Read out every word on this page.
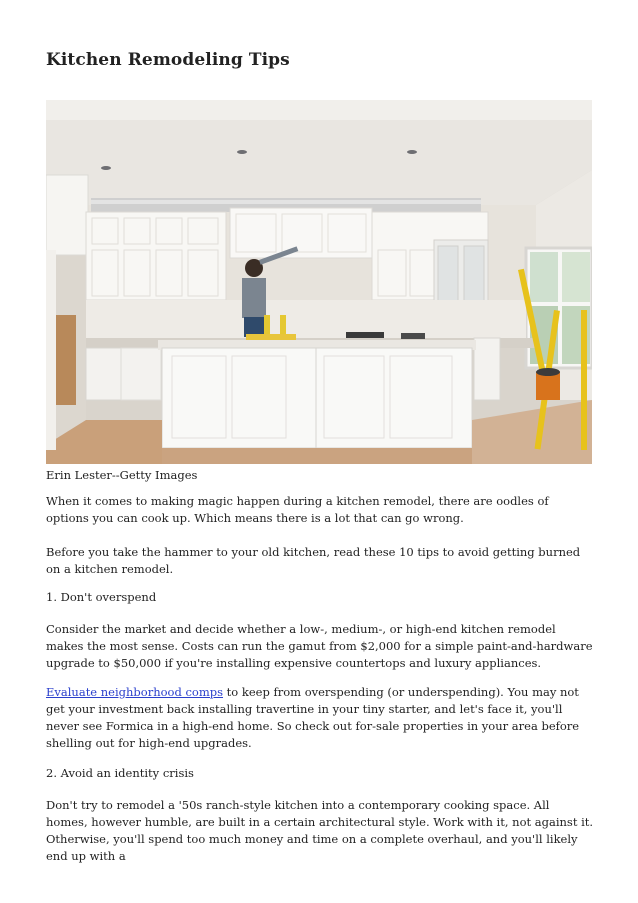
Kitchen Remodeling Tips
Erin Lester--Getty Images

When it comes to making magic happen during a kitchen remodel, there are oodles of options you can cook up. Which means there is a lot that can go wrong.

Before you take the hammer to your old kitchen, read these 10 tips to avoid getting burned on a kitchen remodel.

1. Don't overspend

Consider the market and decide whether a low-, medium-, or high-end kitchen remodel makes the most sense. Costs can run the gamut from $2,000 for a simple paint-and-hardware upgrade to $50,000 if you're installing expensive countertops and luxury appliances.

Evaluate neighborhood comps to keep from overspending (or underspending). You may not get your investment back installing travertine in your tiny starter, and let's face it, you'll never see Formica in a high-end home. So check out for-sale properties in your area before shelling out for high-end upgrades.

2. Avoid an identity crisis

Don't try to remodel a '50s ranch-style kitchen into a contemporary cooking space. All homes, however humble, are built in a certain architectural style. Work with it, not against it. Otherwise, you'll spend too much money and time on a complete overhaul, and you'll likely end up with a
